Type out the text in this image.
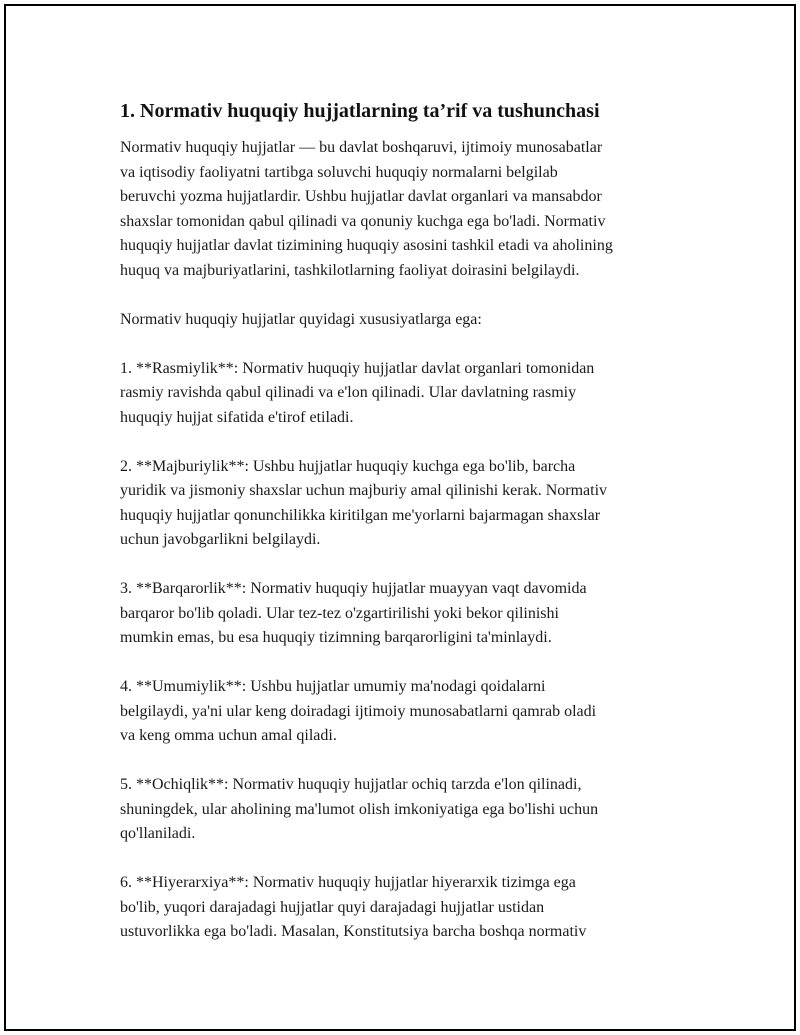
1. Normativ huquqiy hujjatlarning ta’rif va tushunchasi

Normativ huquqiy hujjatlar — bu davlat boshqaruvi, ijtimoiy munosabatlar
va iqtisodiy faoliyatni tartibga soluvchi huquqiy normalarni belgilab
beruvchi yozma hujjatlardir. Ushbu hujjatlar davlat organlari va mansabdor
shaxslar tomonidan qabul qilinadi va qonuniy kuchga ega bo'ladi. Normativ
huquqiy hujjatlar davlat tizimining huquqiy asosini tashkil etadi va aholining
huquq va majburiyatlarini, tashkilotlarning faoliyat doirasini belgilaydi.

Normativ huquqiy hujjatlar quyidagi xususiyatlarga ega:

1. **Rasmiylik**: Normativ huquqiy hujjatlar davlat organlari tomonidan
rasmiy ravishda qabul qilinadi va e'lon qilinadi. Ular davlatning rasmiy
huquqiy hujjat sifatida e'tirof etiladi.

2. **Majburiylik**: Ushbu hujjatlar huquqiy kuchga ega bo'lib, barcha
yuridik va jismoniy shaxslar uchun majburiy amal qilinishi kerak. Normativ
huquqiy hujjatlar qonunchilikka kiritilgan me'yorlarni bajarmagan shaxslar
uchun javobgarlikni belgilaydi.

3. **Barqarorlik**: Normativ huquqiy hujjatlar muayyan vaqt davomida
barqaror bo'lib qoladi. Ular tez-tez o'zgartirilishi yoki bekor qilinishi
mumkin emas, bu esa huquqiy tizimning barqarorligini ta'minlaydi.

4. **Umumiylik**: Ushbu hujjatlar umumiy ma'nodagi qoidalarni
belgilaydi, ya'ni ular keng doiradagi ijtimoiy munosabatlarni qamrab oladi
va keng omma uchun amal qiladi.

5. **Ochiqlik**: Normativ huquqiy hujjatlar ochiq tarzda e'lon qilinadi,
shuningdek, ular aholining ma'lumot olish imkoniyatiga ega bo'lishi uchun
qo'llaniladi.

6. **Hiyerarxiya**: Normativ huquqiy hujjatlar hiyerarxik tizimga ega
bo'lib, yuqori darajadagi hujjatlar quyi darajadagi hujjatlar ustidan
ustuvorlikka ega bo'ladi. Masalan, Konstitutsiya barcha boshqa normativ
